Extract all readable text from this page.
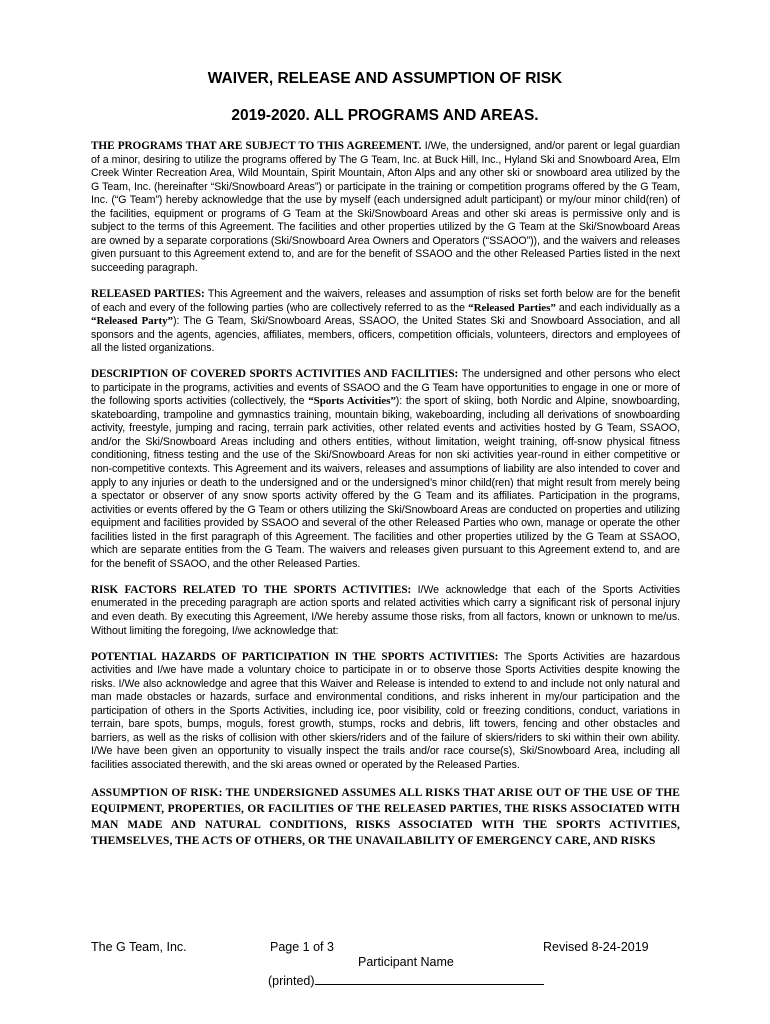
WAIVER, RELEASE AND ASSUMPTION OF RISK
2019-2020. ALL PROGRAMS AND AREAS.

THE PROGRAMS THAT ARE SUBJECT TO THIS AGREEMENT. I/We, the undersigned, and/or parent or legal guardian of a minor, desiring to utilize the programs offered by The G Team, Inc. at Buck Hill, Inc., Hyland Ski and Snowboard Area, Elm Creek Winter Recreation Area, Wild Mountain, Spirit Mountain, Afton Alps and any other ski or snowboard area utilized by the G Team, Inc. (hereinafter “Ski/Snowboard Areas”) or participate in the training or competition programs offered by the G Team, Inc. (“G Team”) hereby acknowledge that the use by myself (each undersigned adult participant) or my/our minor child(ren) of the facilities, equipment or programs of G Team at the Ski/Snowboard Areas and other ski areas is permissive only and is subject to the terms of this Agreement. The facilities and other properties utilized by the G Team at the Ski/Snowboard Areas are owned by a separate corporations (Ski/Snowboard Area Owners and Operators (“SSAOO”)), and the waivers and releases given pursuant to this Agreement extend to, and are for the benefit of SSAOO and the other Released Parties listed in the next succeeding paragraph.

RELEASED PARTIES: This Agreement and the waivers, releases and assumption of risks set forth below are for the benefit of each and every of the following parties (who are collectively referred to as the “Released Parties” and each individually as a “Released Party”): The G Team, Ski/Snowboard Areas, SSAOO, the United States Ski and Snowboard Association, and all sponsors and the agents, agencies, affiliates, members, officers, competition officials, volunteers, directors and employees of all the listed organizations.

DESCRIPTION OF COVERED SPORTS ACTIVITIES AND FACILITIES: The undersigned and other persons who elect to participate in the programs, activities and events of SSAOO and the G Team have opportunities to engage in one or more of the following sports activities (collectively, the “Sports Activities”): the sport of skiing, both Nordic and Alpine, snowboarding, skateboarding, trampoline and gymnastics training, mountain biking, wakeboarding, including all derivations of snowboarding activity, freestyle, jumping and racing, terrain park activities, other related events and activities hosted by G Team, SSAOO, and/or the Ski/Snowboard Areas including and others entities, without limitation, weight training, off-snow physical fitness conditioning, fitness testing and the use of the Ski/Snowboard Areas for non ski activities year-round in either competitive or non-competitive contexts. This Agreement and its waivers, releases and assumptions of liability are also intended to cover and apply to any injuries or death to the undersigned and or the undersigned’s minor child(ren) that might result from merely being a spectator or observer of any snow sports activity offered by the G Team and its affiliates. Participation in the programs, activities or events offered by the G Team or others utilizing the Ski/Snowboard Areas are conducted on properties and utilizing equipment and facilities provided by SSAOO and several of the other Released Parties who own, manage or operate the other facilities listed in the first paragraph of this Agreement. The facilities and other properties utilized by the G Team at SSAOO, which are separate entities from the G Team. The waivers and releases given pursuant to this Agreement extend to, and are for the benefit of SSAOO, and the other Released Parties.

RISK FACTORS RELATED TO THE SPORTS ACTIVITIES: I/We acknowledge that each of the Sports Activities enumerated in the preceding paragraph are action sports and related activities which carry a significant risk of personal injury and even death. By executing this Agreement, I/We hereby assume those risks, from all factors, known or unknown to me/us. Without limiting the foregoing, I/we acknowledge that:

POTENTIAL HAZARDS OF PARTICIPATION IN THE SPORTS ACTIVITIES: The Sports Activities are hazardous activities and I/we have made a voluntary choice to participate in or to observe those Sports Activities despite knowing the risks. I/We also acknowledge and agree that this Waiver and Release is intended to extend to and include not only natural and man made obstacles or hazards, surface and environmental conditions, and risks inherent in my/our participation and the participation of others in the Sports Activities, including ice, poor visibility, cold or freezing conditions, conduct, variations in terrain, bare spots, bumps, moguls, forest growth, stumps, rocks and debris, lift towers, fencing and other obstacles and barriers, as well as the risks of collision with other skiers/riders and of the failure of skiers/riders to ski within their own ability. I/We have been given an opportunity to visually inspect the trails and/or race course(s), Ski/Snowboard Area, including all facilities associated therewith, and the ski areas owned or operated by the Released Parties.

ASSUMPTION OF RISK: THE UNDERSIGNED ASSUMES ALL RISKS THAT ARISE OUT OF THE USE OF THE EQUIPMENT, PROPERTIES, OR FACILITIES OF THE RELEASED PARTIES, THE RISKS ASSOCIATED WITH MAN MADE AND NATURAL CONDITIONS, RISKS ASSOCIATED WITH THE SPORTS ACTIVITIES, THEMSELVES, THE ACTS OF OTHERS, OR THE UNAVAILABILITY OF EMERGENCY CARE, AND RISKS

The G Team, Inc.	Page 1 of 3	Revised 8-24-2019
Participant Name
(printed)
